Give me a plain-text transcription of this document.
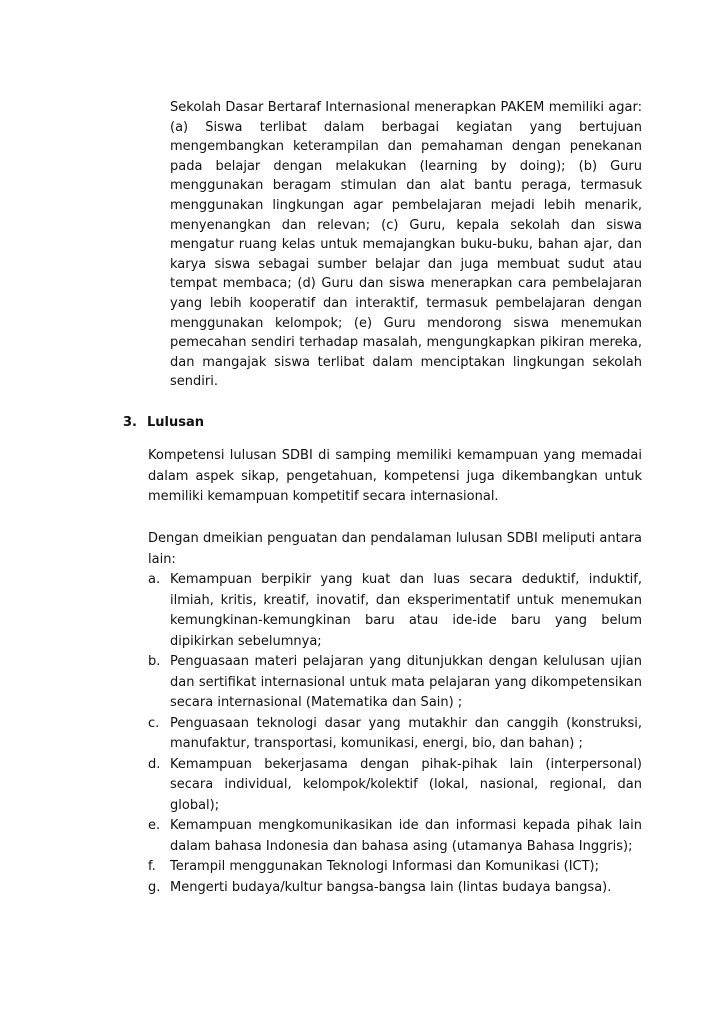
Sekolah Dasar Bertaraf Internasional menerapkan PAKEM memiliki agar: (a) Siswa terlibat dalam berbagai kegiatan yang bertujuan mengembangkan keterampilan dan pemahaman dengan penekanan pada belajar dengan melakukan (learning by doing); (b) Guru menggunakan beragam stimulan dan alat bantu peraga, termasuk menggunakan lingkungan agar pembelajaran mejadi lebih menarik, menyenangkan dan relevan; (c) Guru, kepala sekolah dan siswa mengatur ruang kelas untuk memajangkan buku-buku, bahan ajar, dan karya siswa sebagai sumber belajar dan juga membuat sudut atau tempat membaca; (d) Guru dan siswa menerapkan cara pembelajaran yang lebih kooperatif dan interaktif, termasuk pembelajaran dengan menggunakan kelompok; (e) Guru mendorong siswa menemukan pemecahan sendiri terhadap masalah, mengungkapkan pikiran mereka, dan mangajak siswa terlibat dalam menciptakan lingkungan sekolah sendiri.

3. Lulusan

Kompetensi lulusan SDBI di samping memiliki kemampuan yang memadai dalam aspek sikap, pengetahuan, kompetensi juga dikembangkan untuk memiliki kemampuan kompetitif secara internasional.

Dengan dmeikian penguatan dan pendalaman lulusan SDBI meliputi antara lain:

a. Kemampuan berpikir yang kuat dan luas secara deduktif, induktif, ilmiah, kritis, kreatif, inovatif, dan eksperimentatif untuk menemukan kemungkinan-kemungkinan baru atau ide-ide baru yang belum dipikirkan sebelumnya;
b. Penguasaan materi pelajaran yang ditunjukkan dengan kelulusan ujian dan sertifikat internasional untuk mata pelajaran yang dikompetensikan secara internasional (Matematika dan Sain) ;
c. Penguasaan teknologi dasar yang mutakhir dan canggih (konstruksi, manufaktur, transportasi, komunikasi, energi, bio, dan bahan) ;
d. Kemampuan bekerjasama dengan pihak-pihak lain (interpersonal) secara individual, kelompok/kolektif (lokal, nasional, regional, dan global);
e. Kemampuan mengkomunikasikan ide dan informasi kepada pihak lain dalam bahasa Indonesia dan bahasa asing (utamanya Bahasa Inggris);
f. Terampil menggunakan Teknologi Informasi dan Komunikasi (ICT);
g. Mengerti budaya/kultur bangsa-bangsa lain (lintas budaya bangsa).
